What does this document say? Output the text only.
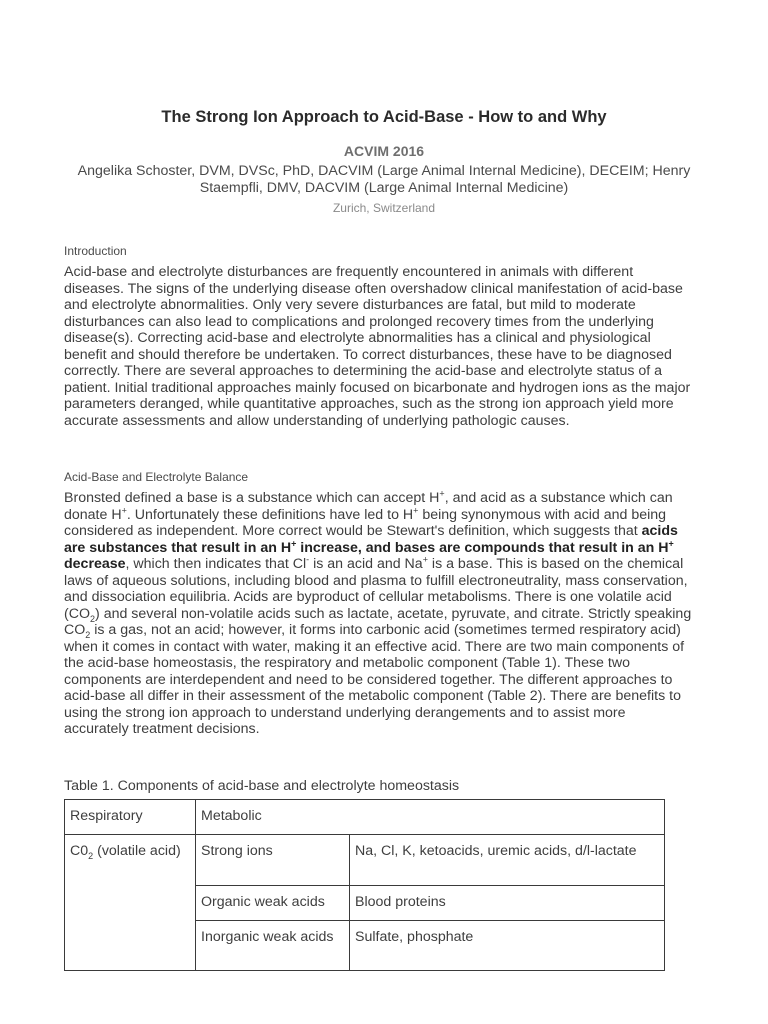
The Strong Ion Approach to Acid-Base - How to and Why
ACVIM 2016
Angelika Schoster, DVM, DVSc, PhD, DACVIM (Large Animal Internal Medicine), DECEIM; Henry Staempfli, DMV, DACVIM (Large Animal Internal Medicine)
Zurich, Switzerland
Introduction

Acid-base and electrolyte disturbances are frequently encountered in animals with different diseases. The signs of the underlying disease often overshadow clinical manifestation of acid-base and electrolyte abnormalities. Only very severe disturbances are fatal, but mild to moderate disturbances can also lead to complications and prolonged recovery times from the underlying disease(s). Correcting acid-base and electrolyte abnormalities has a clinical and physiological benefit and should therefore be undertaken. To correct disturbances, these have to be diagnosed correctly. There are several approaches to determining the acid-base and electrolyte status of a patient. Initial traditional approaches mainly focused on bicarbonate and hydrogen ions as the major parameters deranged, while quantitative approaches, such as the strong ion approach yield more accurate assessments and allow understanding of underlying pathologic causes.

Acid-Base and Electrolyte Balance

Bronsted defined a base is a substance which can accept H+, and acid as a substance which can donate H+. Unfortunately these definitions have led to H+ being synonymous with acid and being considered as independent. More correct would be Stewart's definition, which suggests that acids are substances that result in an H+ increase, and bases are compounds that result in an H+ decrease, which then indicates that Cl- is an acid and Na+ is a base. This is based on the chemical laws of aqueous solutions, including blood and plasma to fulfill electroneutrality, mass conservation, and dissociation equilibria. Acids are byproduct of cellular metabolisms. There is one volatile acid $(CO_2)$ and several non-volatile acids such as lactate, acetate, pyruvate, and citrate. Strictly speaking $CO_2$ is a gas, not an acid; however, it forms into carbonic acid (sometimes termed respiratory acid) when it comes in contact with water, making it an effective acid. There are two main components of the acid-base homeostasis, the respiratory and metabolic component (Table 1). These two components are interdependent and need to be considered together. The different approaches to acid-base all differ in their assessment of the metabolic component (Table 2). There are benefits to using the strong ion approach to understand underlying derangements and to assist more accurately treatment decisions.

Table 1. Components of acid-base and electrolyte homeostasis
Respiratory	Metabolic	
$C0_2$ (volatile acid)	Strong ions	Na, Cl, K, ketoacids, uremic acids, d/l-lactate
	Organic weak acids	Blood proteins
	Inorganic weak acids	Sulfate, phosphate
